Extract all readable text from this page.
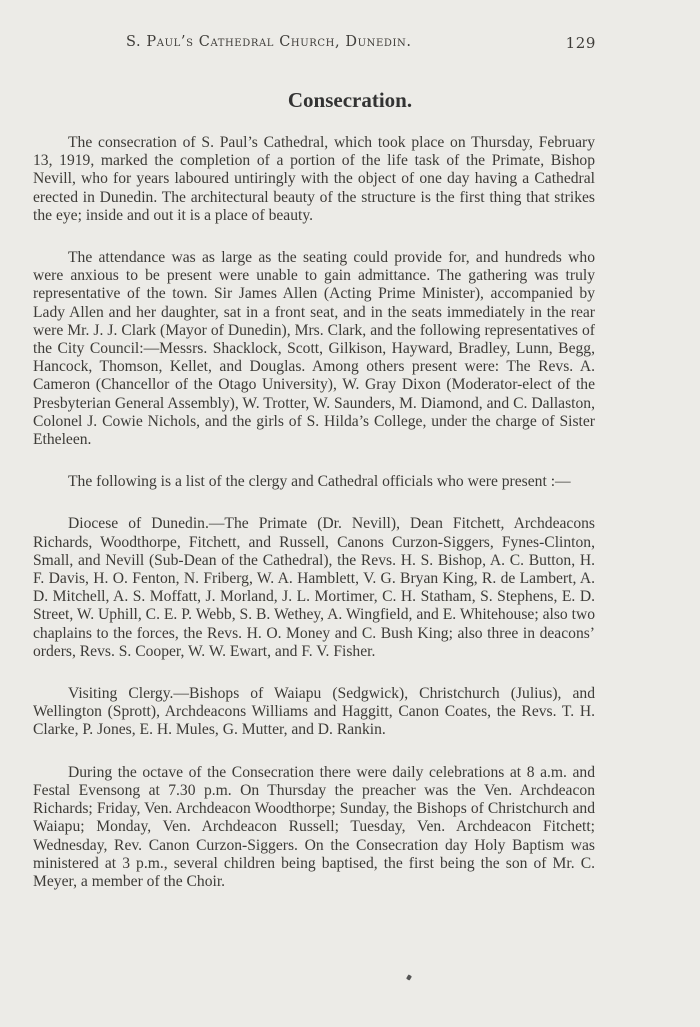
S. Paul’s Cathedral Church, Dunedin.	129
Consecration.

The consecration of S. Paul’s Cathedral, which took place on Thursday, February 13, 1919, marked the completion of a portion of the life task of the Primate, Bishop Nevill, who for years laboured untiringly with the object of one day having a Cathedral erected in Dunedin. The architectural beauty of the structure is the first thing that strikes the eye; inside and out it is a place of beauty.

The attendance was as large as the seating could provide for, and hundreds who were anxious to be present were unable to gain admittance. The gathering was truly representative of the town. Sir James Allen (Acting Prime Minister), accompanied by Lady Allen and her daughter, sat in a front seat, and in the seats immediately in the rear were Mr. J. J. Clark (Mayor of Dunedin), Mrs. Clark, and the following representatives of the City Council:—Messrs. Shacklock, Scott, Gilkison, Hayward, Bradley, Lunn, Begg, Hancock, Thomson, Kellet, and Douglas. Among others present were: The Revs. A. Cameron (Chancellor of the Otago University), W. Gray Dixon (Moderator-elect of the Presbyterian General Assembly), W. Trotter, W. Saunders, M. Diamond, and C. Dallaston, Colonel J. Cowie Nichols, and the girls of S. Hilda’s College, under the charge of Sister Etheleen.

The following is a list of the clergy and Cathedral officials who were present :—

Diocese of Dunedin.—The Primate (Dr. Nevill), Dean Fitchett, Archdeacons Richards, Woodthorpe, Fitchett, and Russell, Canons Curzon-Siggers, Fynes-Clinton, Small, and Nevill (Sub-Dean of the Cathedral), the Revs. H. S. Bishop, A. C. Button, H. F. Davis, H. O. Fenton, N. Friberg, W. A. Hamblett, V. G. Bryan King, R. de Lambert, A. D. Mitchell, A. S. Moffatt, J. Morland, J. L. Mortimer, C. H. Statham, S. Stephens, E. D. Street, W. Uphill, C. E. P. Webb, S. B. Wethey, A. Wingfield, and E. Whitehouse; also two chaplains to the forces, the Revs. H. O. Money and C. Bush King; also three in deacons’ orders, Revs. S. Cooper, W. W. Ewart, and F. V. Fisher.

Visiting Clergy.—Bishops of Waiapu (Sedgwick), Christchurch (Julius), and Wellington (Sprott), Archdeacons Williams and Haggitt, Canon Coates, the Revs. T. H. Clarke, P. Jones, E. H. Mules, G. Mutter, and D. Rankin.

During the octave of the Consecration there were daily celebrations at 8 a.m. and Festal Evensong at 7.30 p.m. On Thursday the preacher was the Ven. Archdeacon Richards; Friday, Ven. Archdeacon Woodthorpe; Sunday, the Bishops of Christchurch and Waiapu; Monday, Ven. Archdeacon Russell; Tuesday, Ven. Archdeacon Fitchett; Wednesday, Rev. Canon Curzon-Siggers. On the Consecration day Holy Baptism was ministered at 3 p.m., several children being baptised, the first being the son of Mr. C. Meyer, a member of the Choir.
